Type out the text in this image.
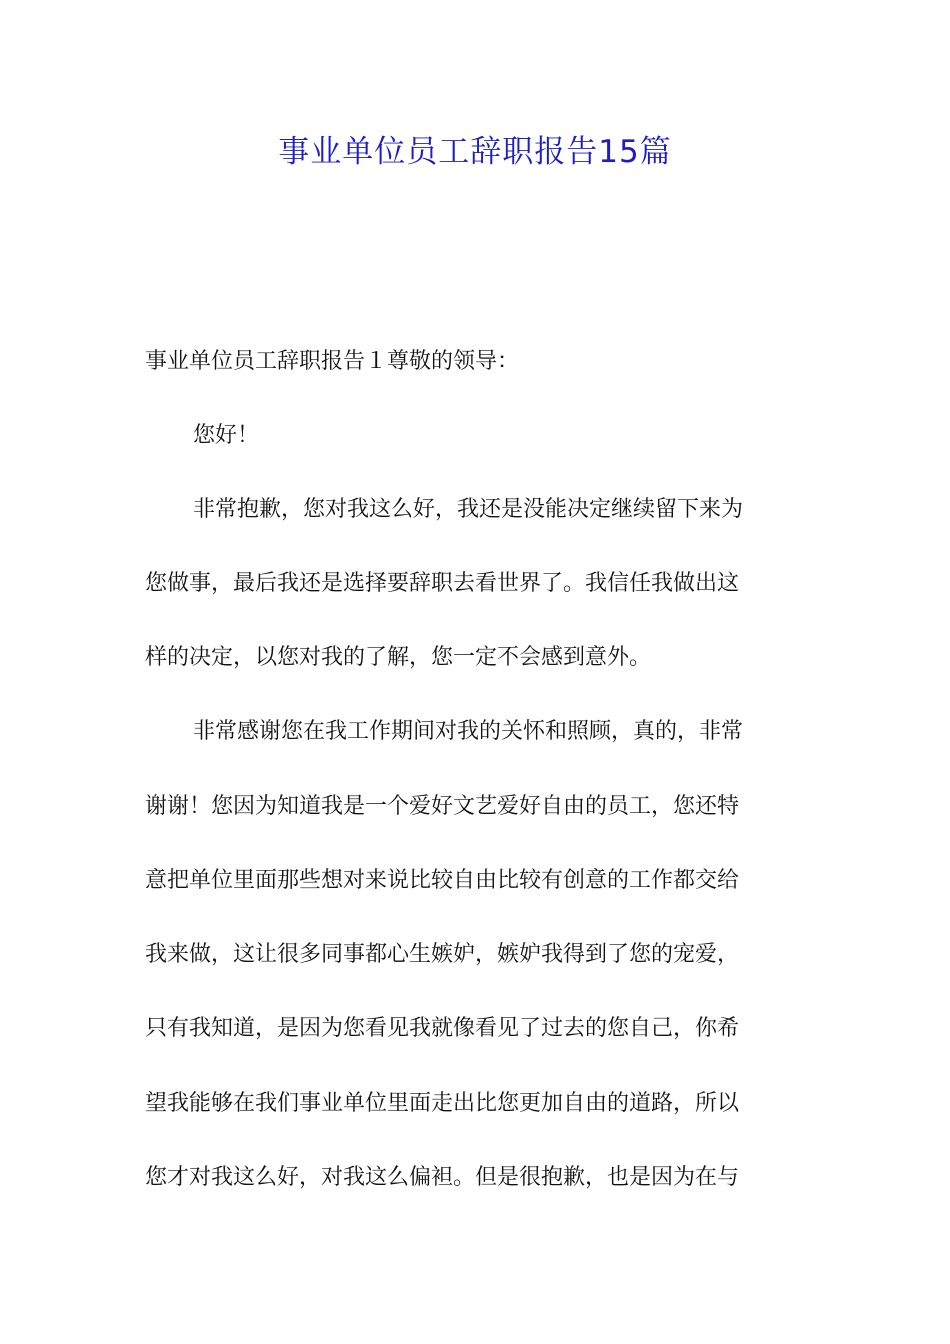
事业单位员工辞职报告15篇

事业单位员工辞职报告１尊敬的领导：

您好！

非常抱歉，您对我这么好，我还是没能决定继续留下来为

您做事，最后我还是选择要辞职去看世界了。我信任我做出这

样的决定，以您对我的了解，您一定不会感到意外。

非常感谢您在我工作期间对我的关怀和照顾，真的，非常

谢谢！您因为知道我是一个爱好文艺爱好自由的员工，您还特

意把单位里面那些想对来说比较自由比较有创意的工作都交给

我来做，这让很多同事都心生嫉妒，嫉妒我得到了您的宠爱，

只有我知道，是因为您看见我就像看见了过去的您自己，你希

望我能够在我们事业单位里面走出比您更加自由的道路，所以

您才对我这么好，对我这么偏袒。但是很抱歉，也是因为在与
